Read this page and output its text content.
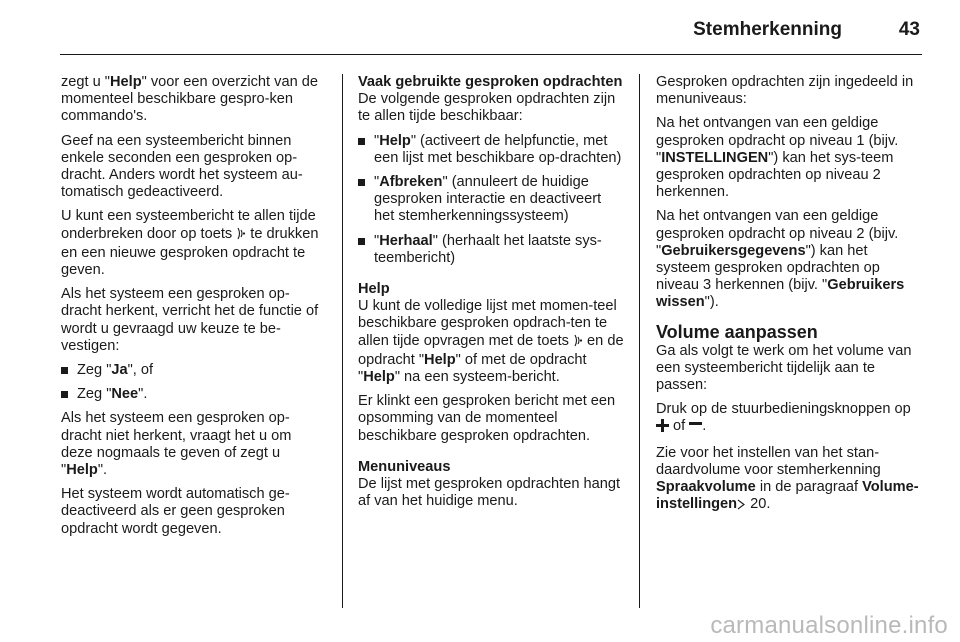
Stemherkenning	43

zegt u "Help" voor een overzicht van de momenteel beschikbare gespro-ken commando's.

Geef na een systeembericht binnen enkele seconden een gesproken op-dracht. Anders wordt het systeem au-tomatisch gedeactiveerd.

U kunt een systeembericht te allen tijde onderbreken door op toets  te drukken en een nieuwe gesproken opdracht te geven.

Als het systeem een gesproken op-dracht herkent, verricht het de functie of wordt u gevraagd uw keuze te be-vestigen:

Zeg "Ja", of
Zeg "Nee".

Als het systeem een gesproken op-dracht niet herkent, vraagt het u om deze nogmaals te geven of zegt u "Help".

Het systeem wordt automatisch ge-deactiveerd als er geen gesproken opdracht wordt gegeven.

Vaak gebruikte gesproken opdrachten

De volgende gesproken opdrachten zijn te allen tijde beschikbaar:

"Help" (activeert de helpfunctie, met een lijst met beschikbare op-drachten)
"Afbreken" (annuleert de huidige gesproken interactie en deactiveert het stemherkenningssysteem)
"Herhaal" (herhaalt het laatste sys-teembericht)

Help

U kunt de volledige lijst met momen-teel beschikbare gesproken opdrach-ten te allen tijde opvragen met de toets  en de opdracht "Help" of met de opdracht "Help" na een systeem-bericht.

Er klinkt een gesproken bericht met een opsomming van de momenteel beschikbare gesproken opdrachten.

Menuniveaus

De lijst met gesproken opdrachten hangt af van het huidige menu.

Gesproken opdrachten zijn ingedeeld in menuniveaus:

Na het ontvangen van een geldige gesproken opdracht op niveau 1 (bijv. "INSTELLINGEN") kan het sys-teem gesproken opdrachten op niveau 2 herkennen.

Na het ontvangen van een geldige gesproken opdracht op niveau 2 (bijv. "Gebruikersgegevens") kan het systeem gesproken opdrachten op niveau 3 herkennen (bijv. "Gebruikers wissen").

Volume aanpassen

Ga als volgt te werk om het volume van een systeembericht tijdelijk aan te passen:

Druk op de stuurbedieningsknoppen op  of .

Zie voor het instellen van het stan-daardvolume voor stemherkenning Spraakvolume in de paragraaf Volume-instellingen 20.

carmanualsonline.info
